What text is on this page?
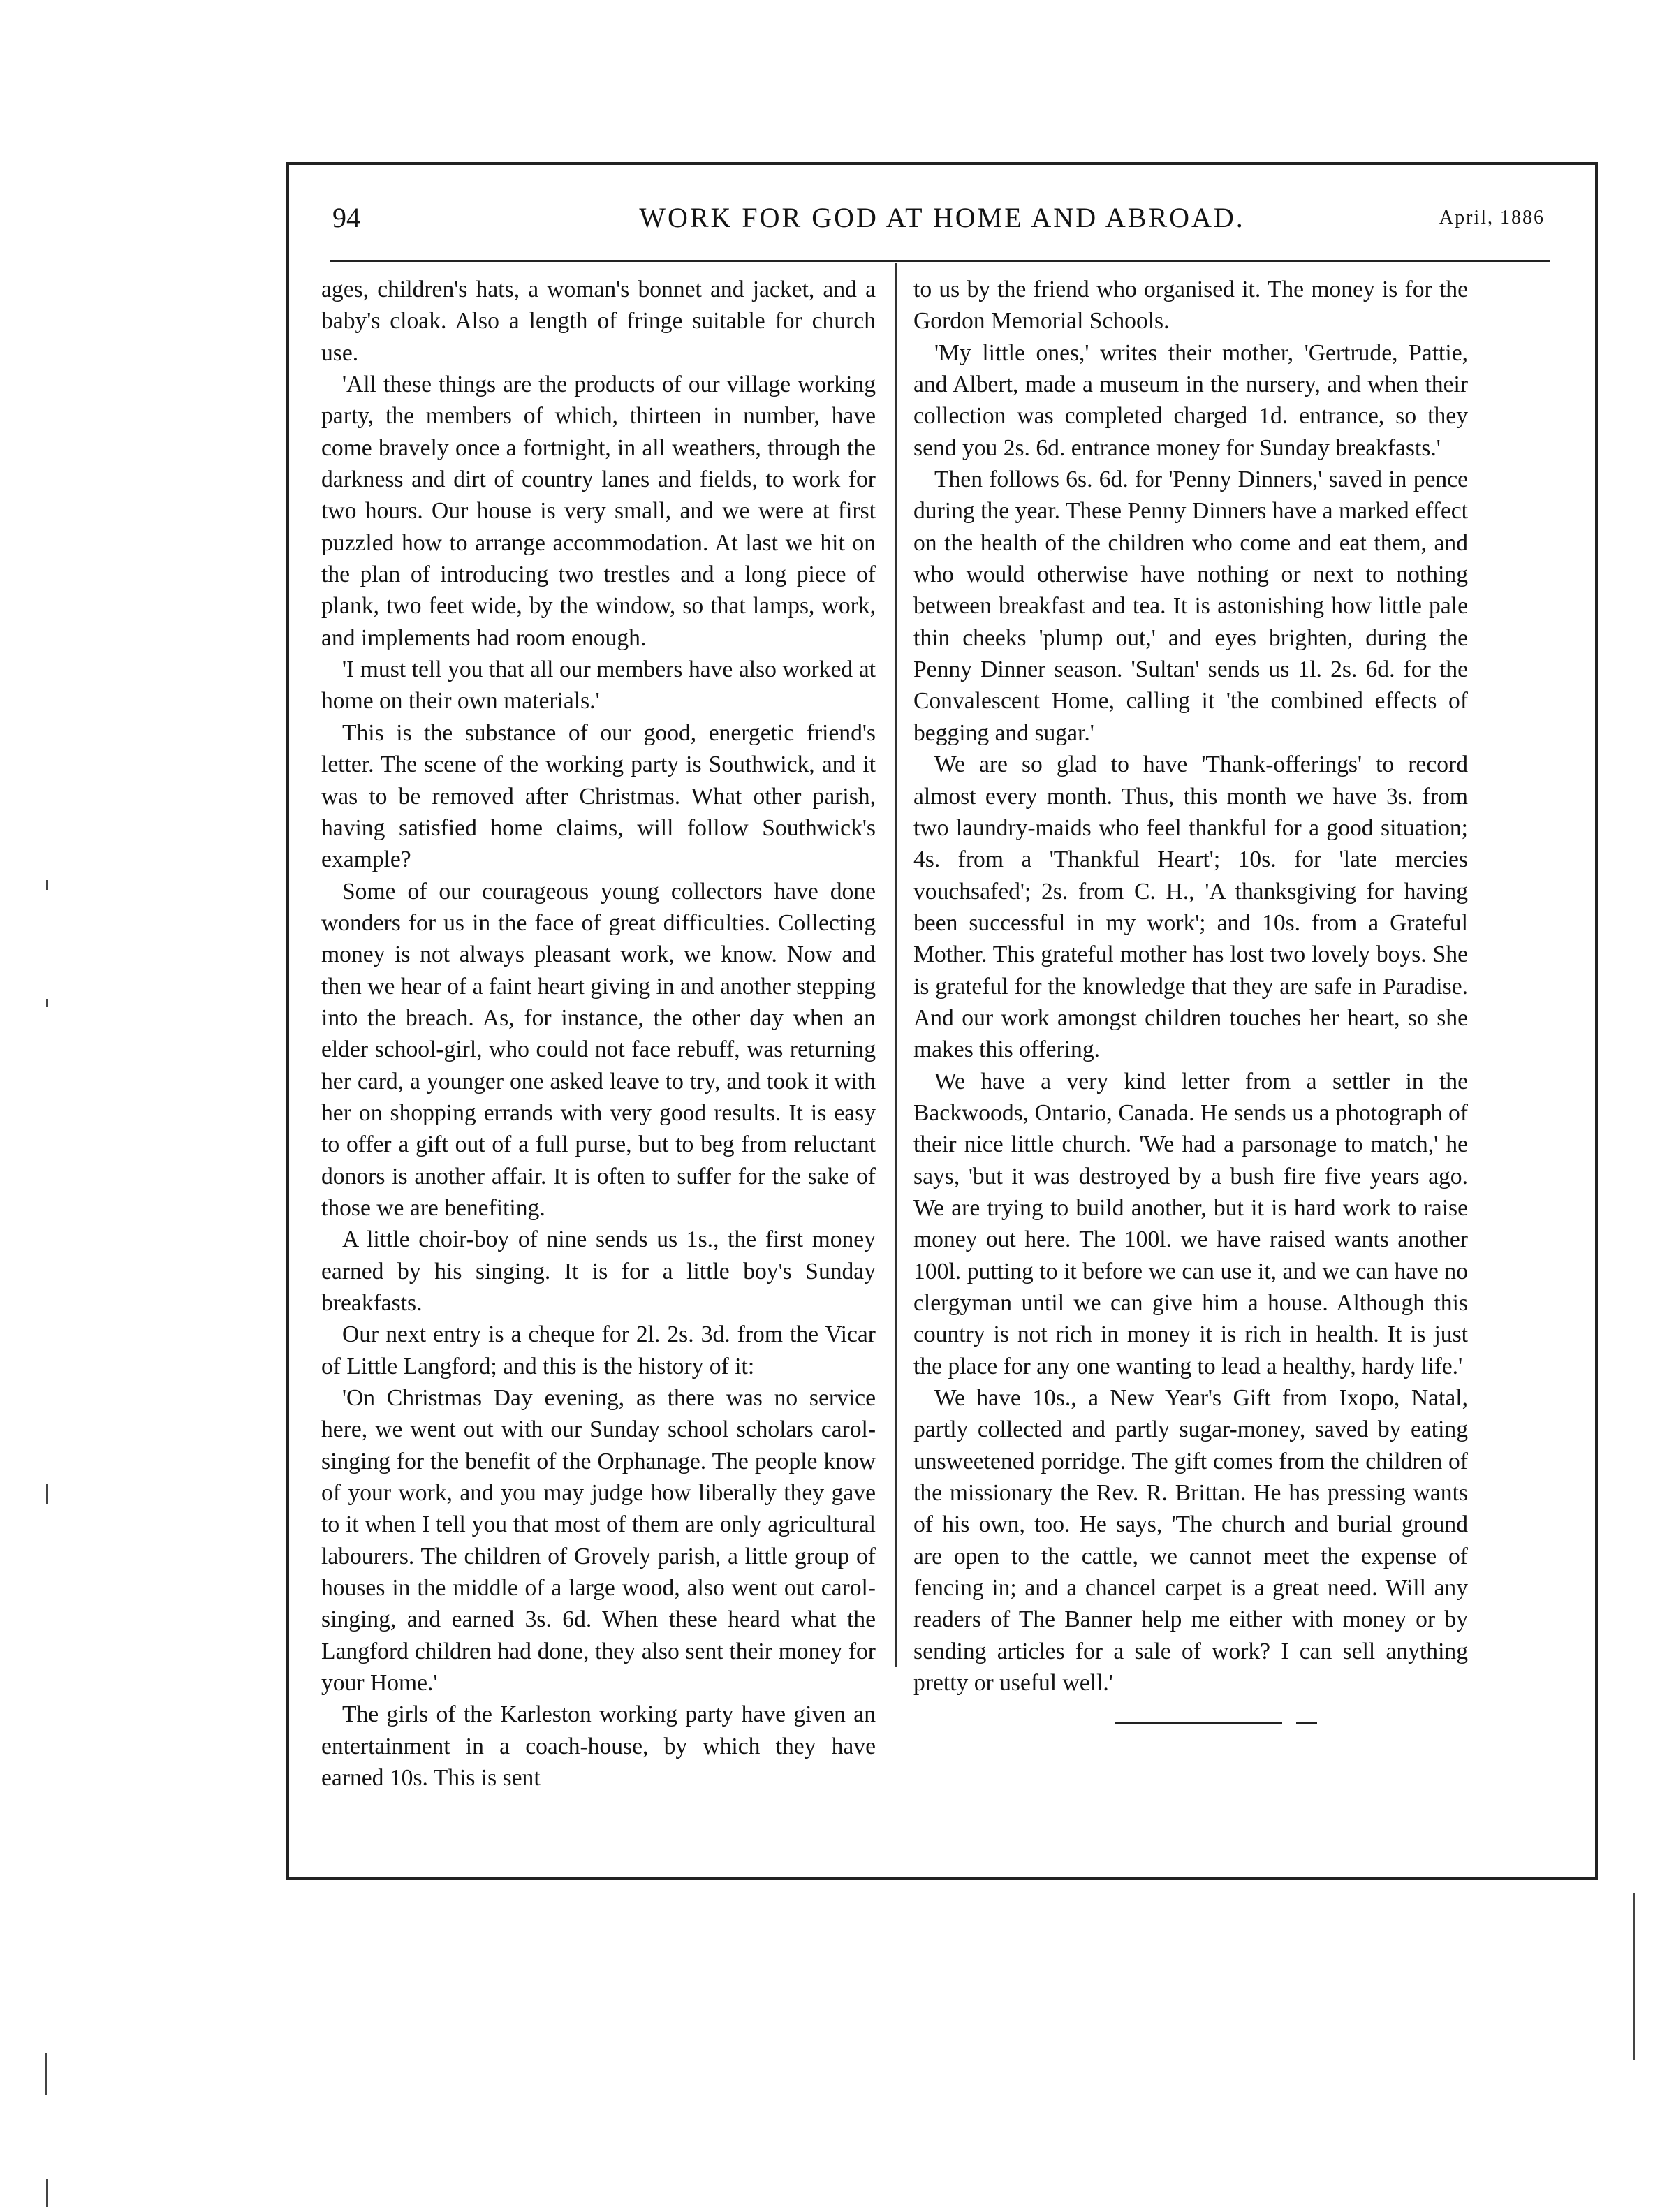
94	WORK FOR GOD AT HOME AND ABROAD.	April, 1886

ages, children's hats, a woman's bonnet and jacket, and a baby's cloak. Also a length of fringe suitable for church use.

'All these things are the products of our village working party, the members of which, thirteen in number, have come bravely once a fortnight, in all weathers, through the darkness and dirt of country lanes and fields, to work for two hours. Our house is very small, and we were at first puzzled how to arrange accommodation. At last we hit on the plan of introducing two trestles and a long piece of plank, two feet wide, by the window, so that lamps, work, and implements had room enough.

'I must tell you that all our members have also worked at home on their own materials.'

This is the substance of our good, energetic friend's letter. The scene of the working party is Southwick, and it was to be removed after Christmas. What other parish, having satisfied home claims, will follow Southwick's example?

Some of our courageous young collectors have done wonders for us in the face of great difficulties. Collecting money is not always pleasant work, we know. Now and then we hear of a faint heart giving in and another stepping into the breach. As, for instance, the other day when an elder school-girl, who could not face rebuff, was returning her card, a younger one asked leave to try, and took it with her on shopping errands with very good results. It is easy to offer a gift out of a full purse, but to beg from reluctant donors is another affair. It is often to suffer for the sake of those we are benefiting.

A little choir-boy of nine sends us 1s., the first money earned by his singing. It is for a little boy's Sunday breakfasts.

Our next entry is a cheque for 2l. 2s. 3d. from the Vicar of Little Langford; and this is the history of it:

'On Christmas Day evening, as there was no service here, we went out with our Sunday school scholars carol-singing for the benefit of the Orphanage. The people know of your work, and you may judge how liberally they gave to it when I tell you that most of them are only agricultural labourers. The children of Grovely parish, a little group of houses in the middle of a large wood, also went out carol-singing, and earned 3s. 6d. When these heard what the Langford children had done, they also sent their money for your Home.'

The girls of the Karleston working party have given an entertainment in a coach-house, by which they have earned 10s. This is sent

to us by the friend who organised it. The money is for the Gordon Memorial Schools.

'My little ones,' writes their mother, 'Gertrude, Pattie, and Albert, made a museum in the nursery, and when their collection was completed charged 1d. entrance, so they send you 2s. 6d. entrance money for Sunday breakfasts.'

Then follows 6s. 6d. for 'Penny Dinners,' saved in pence during the year. These Penny Dinners have a marked effect on the health of the children who come and eat them, and who would otherwise have nothing or next to nothing between breakfast and tea. It is astonishing how little pale thin cheeks 'plump out,' and eyes brighten, during the Penny Dinner season. 'Sultan' sends us 1l. 2s. 6d. for the Convalescent Home, calling it 'the combined effects of begging and sugar.'

We are so glad to have 'Thank-offerings' to record almost every month. Thus, this month we have 3s. from two laundry-maids who feel thankful for a good situation; 4s. from a 'Thankful Heart'; 10s. for 'late mercies vouchsafed'; 2s. from C. H., 'A thanksgiving for having been successful in my work'; and 10s. from a Grateful Mother. This grateful mother has lost two lovely boys. She is grateful for the knowledge that they are safe in Paradise. And our work amongst children touches her heart, so she makes this offering.

We have a very kind letter from a settler in the Backwoods, Ontario, Canada. He sends us a photograph of their nice little church. 'We had a parsonage to match,' he says, 'but it was destroyed by a bush fire five years ago. We are trying to build another, but it is hard work to raise money out here. The 100l. we have raised wants another 100l. putting to it before we can use it, and we can have no clergyman until we can give him a house. Although this country is not rich in money it is rich in health. It is just the place for any one wanting to lead a healthy, hardy life.'

We have 10s., a New Year's Gift from Ixopo, Natal, partly collected and partly sugar-money, saved by eating unsweetened porridge. The gift comes from the children of the missionary the Rev. R. Brittan. He has pressing wants of his own, too. He says, 'The church and burial ground are open to the cattle, we cannot meet the expense of fencing in; and a chancel carpet is a great need. Will any readers of The Banner help me either with money or by sending articles for a sale of work? I can sell anything pretty or useful well.'
